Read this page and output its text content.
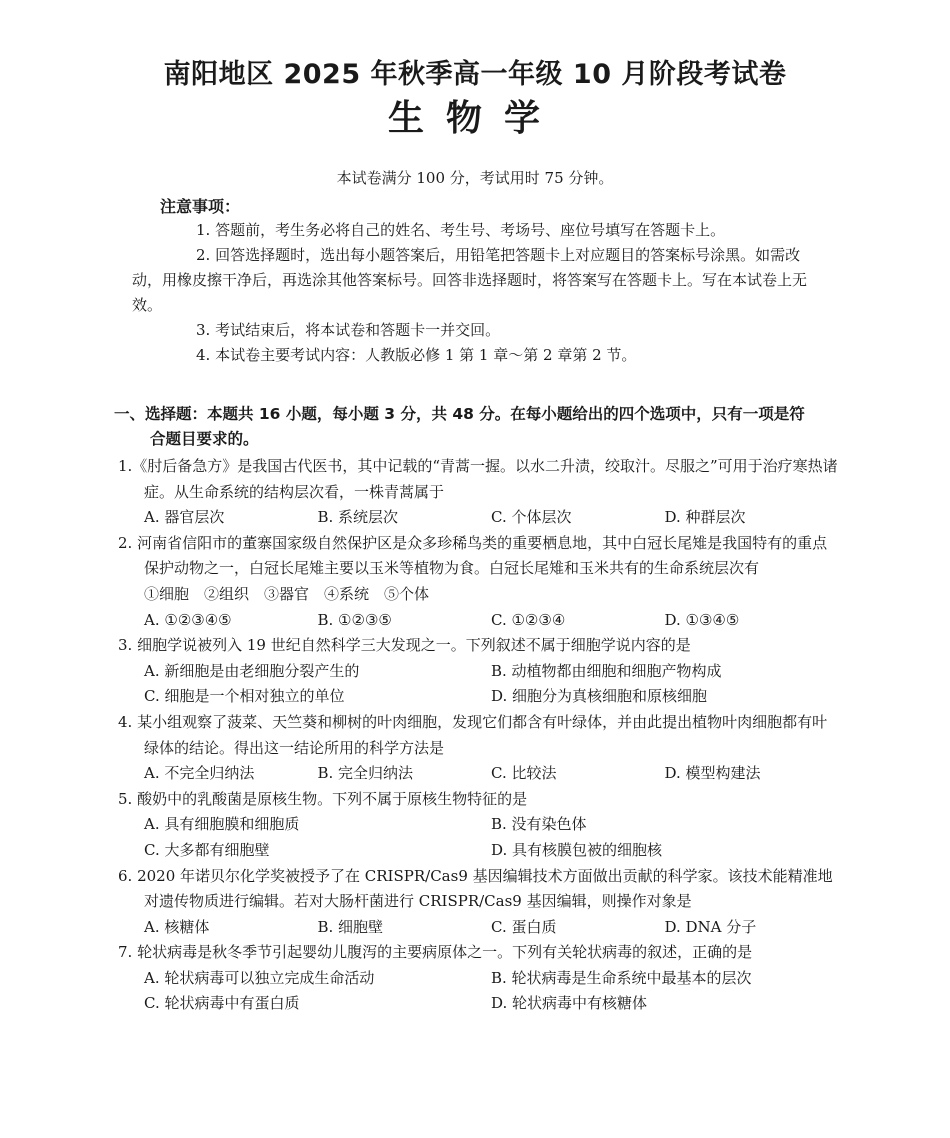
南阳地区 2025 年秋季高一年级 10 月阶段考试卷
生物学
本试卷满分 100 分，考试用时 75 分钟。
注意事项：

1. 答题前，考生务必将自己的姓名、考生号、考场号、座位号填写在答题卡上。

2. 回答选择题时，选出每小题答案后，用铅笔把答题卡上对应题目的答案标号涂黑。如需改动，用橡皮擦干净后，再选涂其他答案标号。回答非选择题时，将答案写在答题卡上。写在本试卷上无效。

3. 考试结束后，将本试卷和答题卡一并交回。

4. 本试卷主要考试内容：人教版必修 1 第 1 章～第 2 章第 2 节。

一、选择题：本题共 16 小题，每小题 3 分，共 48 分。在每小题给出的四个选项中，只有一项是符
合题目要求的。
1.《肘后备急方》是我国古代医书，其中记载的“青蒿一握。以水二升渍，绞取汁。尽服之”可用于治疗寒热诸症。从生命系统的结构层次看，一株青蒿属于
A. 器官层次	B. 系统层次	C. 个体层次	D. 种群层次
2. 河南省信阳市的董寨国家级自然保护区是众多珍稀鸟类的重要栖息地，其中白冠长尾雉是我国特有的重点保护动物之一，白冠长尾雉主要以玉米等植物为食。白冠长尾雉和玉米共有的生命系统层次有
①细胞　②组织　③器官　④系统　⑤个体
A. ①②③④⑤	B. ①②③⑤	C. ①②③④	D. ①③④⑤
3. 细胞学说被列入 19 世纪自然科学三大发现之一。下列叙述不属于细胞学说内容的是
A. 新细胞是由老细胞分裂产生的	B. 动植物都由细胞和细胞产物构成
C. 细胞是一个相对独立的单位	D. 细胞分为真核细胞和原核细胞
4. 某小组观察了菠菜、天竺葵和柳树的叶肉细胞，发现它们都含有叶绿体，并由此提出植物叶肉细胞都有叶绿体的结论。得出这一结论所用的科学方法是
A. 不完全归纳法	B. 完全归纳法	C. 比较法	D. 模型构建法
5. 酸奶中的乳酸菌是原核生物。下列不属于原核生物特征的是
A. 具有细胞膜和细胞质	B. 没有染色体
C. 大多都有细胞壁	D. 具有核膜包被的细胞核
6. 2020 年诺贝尔化学奖被授予了在 CRISPR/Cas9 基因编辑技术方面做出贡献的科学家。该技术能精准地对遗传物质进行编辑。若对大肠杆菌进行 CRISPR/Cas9 基因编辑，则操作对象是
A. 核糖体	B. 细胞壁	C. 蛋白质	D. DNA 分子
7. 轮状病毒是秋冬季节引起婴幼儿腹泻的主要病原体之一。下列有关轮状病毒的叙述，正确的是
A. 轮状病毒可以独立完成生命活动	B. 轮状病毒是生命系统中最基本的层次
C. 轮状病毒中有蛋白质	D. 轮状病毒中有核糖体
